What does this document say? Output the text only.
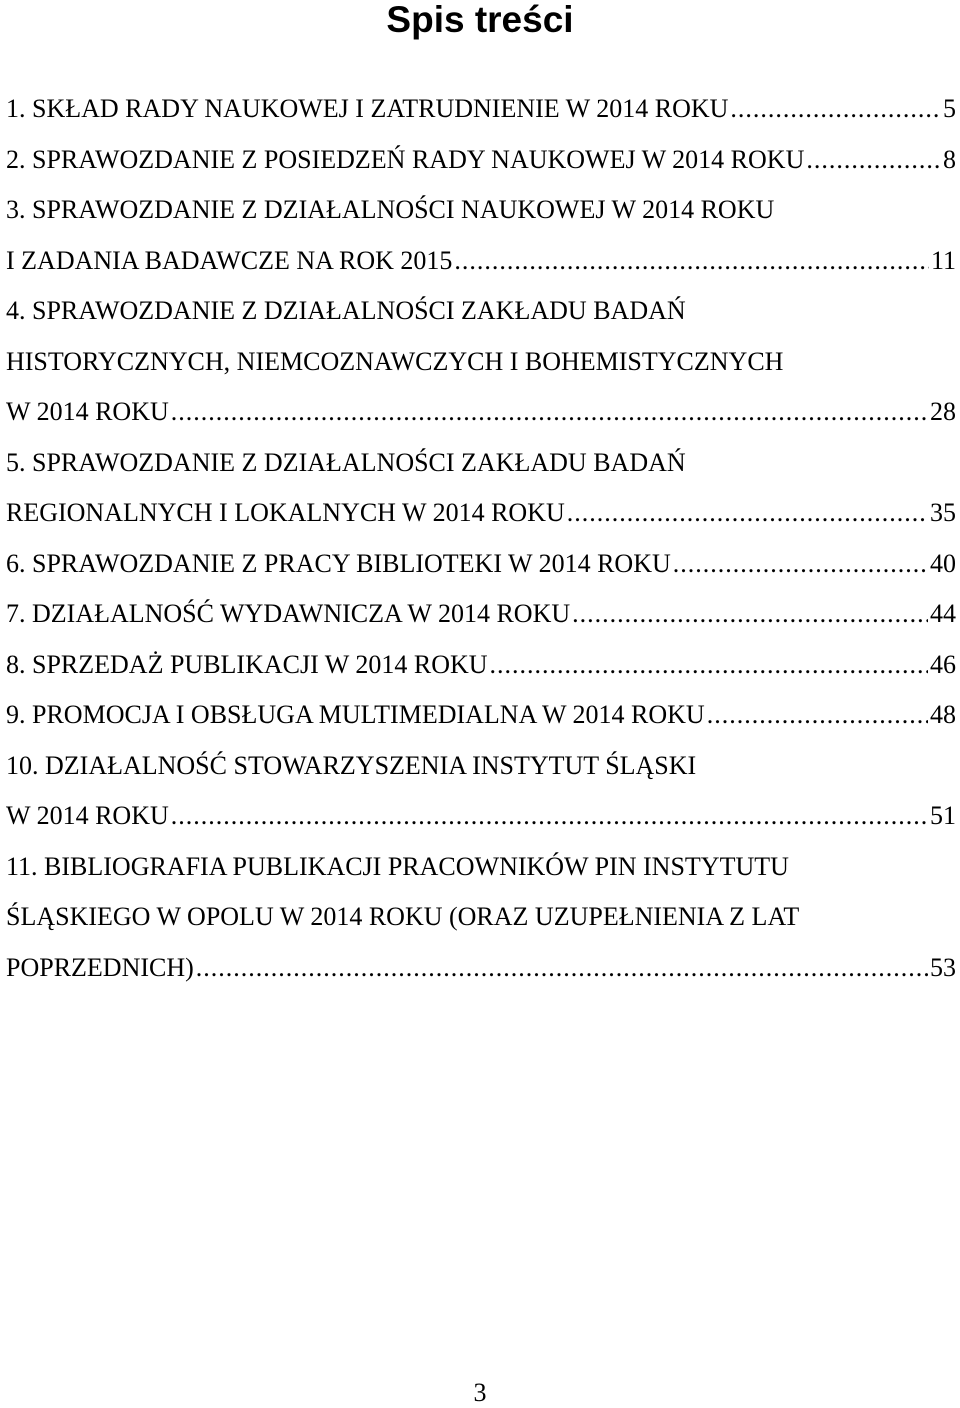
Spis treści
1. SKŁAD RADY NAUKOWEJ I ZATRUDNIENIE W 2014 ROKU .....	5
2. SPRAWOZDANIE Z POSIEDZEŃ RADY NAUKOWEJ W 2014 ROKU .....	8
3. SPRAWOZDANIE Z DZIAŁALNOŚCI NAUKOWEJ W 2014 ROKU
I ZADANIA BADAWCZE NA ROK 2015 .....	11
4. SPRAWOZDANIE Z DZIAŁALNOŚCI ZAKŁADU BADAŃ
HISTORYCZNYCH, NIEMCOZNAWCZYCH I BOHEMISTYCZNYCH
W 2014 ROKU .....	28
5. SPRAWOZDANIE Z DZIAŁALNOŚCI ZAKŁADU BADAŃ
REGIONALNYCH I LOKALNYCH W 2014 ROKU .....	35
6. SPRAWOZDANIE Z PRACY BIBLIOTEKI W 2014 ROKU .....	40
7. DZIAŁALNOŚĆ WYDAWNICZA W 2014 ROKU .....	44
8. SPRZEDAŻ PUBLIKACJI W 2014 ROKU .....	46
9. PROMOCJA I OBSŁUGA MULTIMEDIALNA W 2014 ROKU .....	48
10. DZIAŁALNOŚĆ STOWARZYSZENIA INSTYTUT ŚLĄSKI
W 2014 ROKU .....	51
11. BIBLIOGRAFIA PUBLIKACJI PRACOWNIKÓW PIN INSTYTUTU
ŚLĄSKIEGO W OPOLU W 2014 ROKU (ORAZ UZUPEŁNIENIA Z LAT
POPRZEDNICH) .....	53
3
